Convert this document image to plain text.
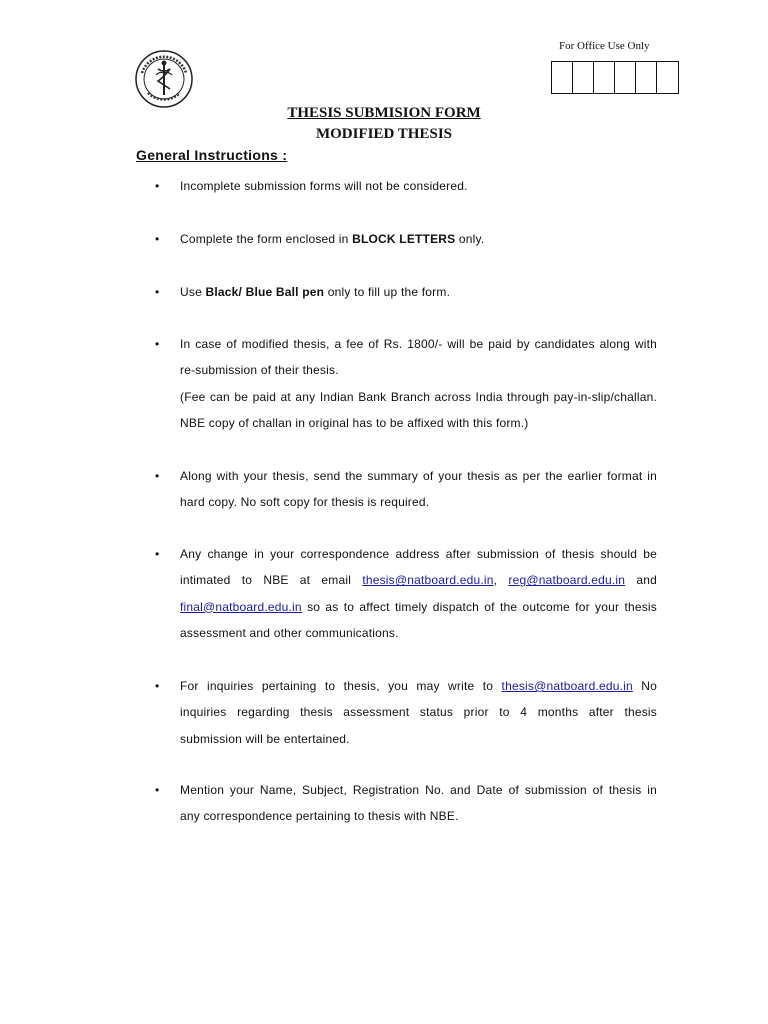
For Office Use Only
THESIS SUBMISION FORM
MODIFIED THESIS
General Instructions :
• Incomplete submission forms will not be considered.
• Complete the form enclosed in BLOCK LETTERS only.
• Use Black/ Blue Ball pen only to fill up the form.
• In case of modified thesis, a fee of Rs. 1800/- will be paid by candidates along with
re-submission of their thesis.
(Fee can be paid at any Indian Bank Branch across India through pay-in-slip/challan.
NBE copy of challan in original has to be affixed with this form.)
• Along with your thesis, send the summary of your thesis as per the earlier format in
hard copy. No soft copy for thesis is required.
• Any change in your correspondence address after submission of thesis should be
intimated to NBE at email thesis@natboard.edu.in, reg@natboard.edu.in and
final@natboard.edu.in so as to affect timely dispatch of the outcome for your thesis
assessment and other communications.
• For inquiries pertaining to thesis, you may write to thesis@natboard.edu.in No
inquiries regarding thesis assessment status prior to 4 months after thesis
submission will be entertained.
• Mention your Name, Subject, Registration No. and Date of submission of thesis in
any correspondence pertaining to thesis with NBE.
